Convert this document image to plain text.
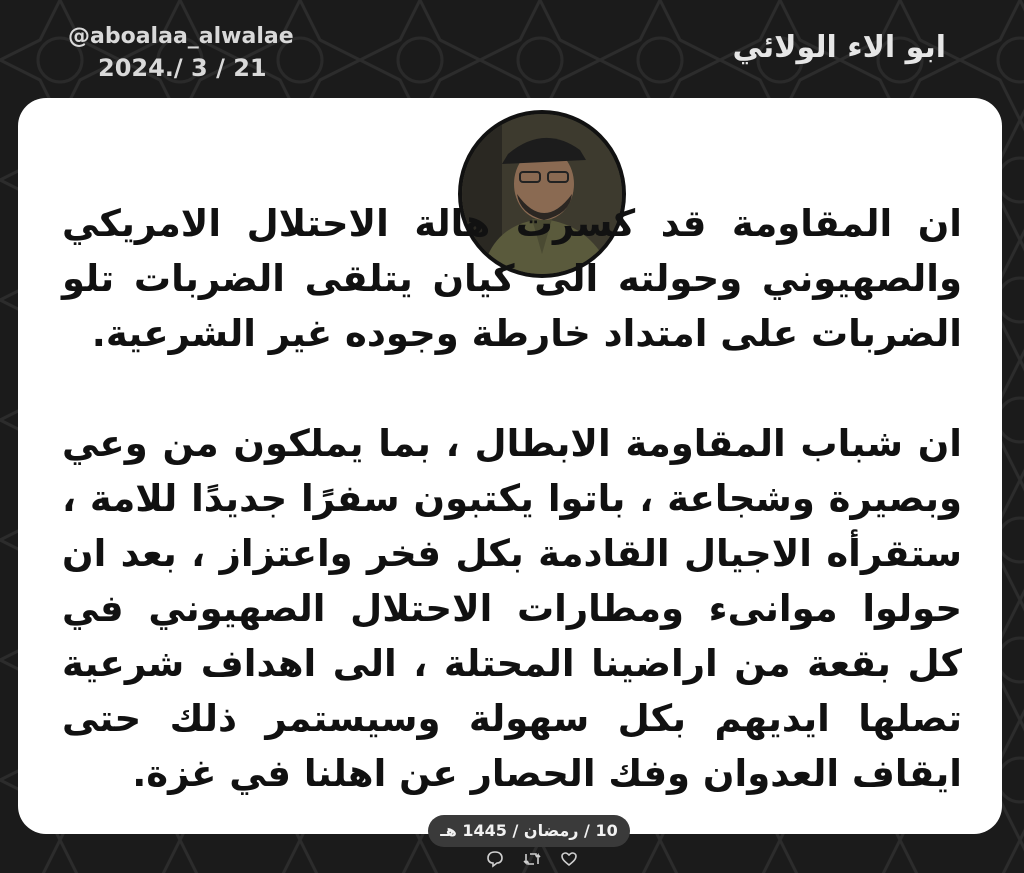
@aboalaa_alwalae
2024./ 3 / 21
ابو الاء الولائي

ان المقاومة قد كسرت هالة الاحتلال الامريكي والصهيوني وحولته الى كيان يتلقى الضربات تلو الضربات على امتداد خارطة وجوده غير الشرعية.

ان شباب المقاومة الابطال ، بما يملكون من وعي وبصيرة وشجاعة ، باتوا يكتبون سفرًا جديدًا للامة ، ستقرأه الاجيال القادمة بكل فخر واعتزاز ، بعد ان حولوا موانىء ومطارات الاحتلال الصهيوني في كل بقعة من اراضينا المحتلة ، الى اهداف شرعية تصلها ايديهم بكل سهولة وسيستمر ذلك حتى ايقاف العدوان وفك الحصار عن اهلنا في غزة.

10 / رمضان / 1445 هـ
